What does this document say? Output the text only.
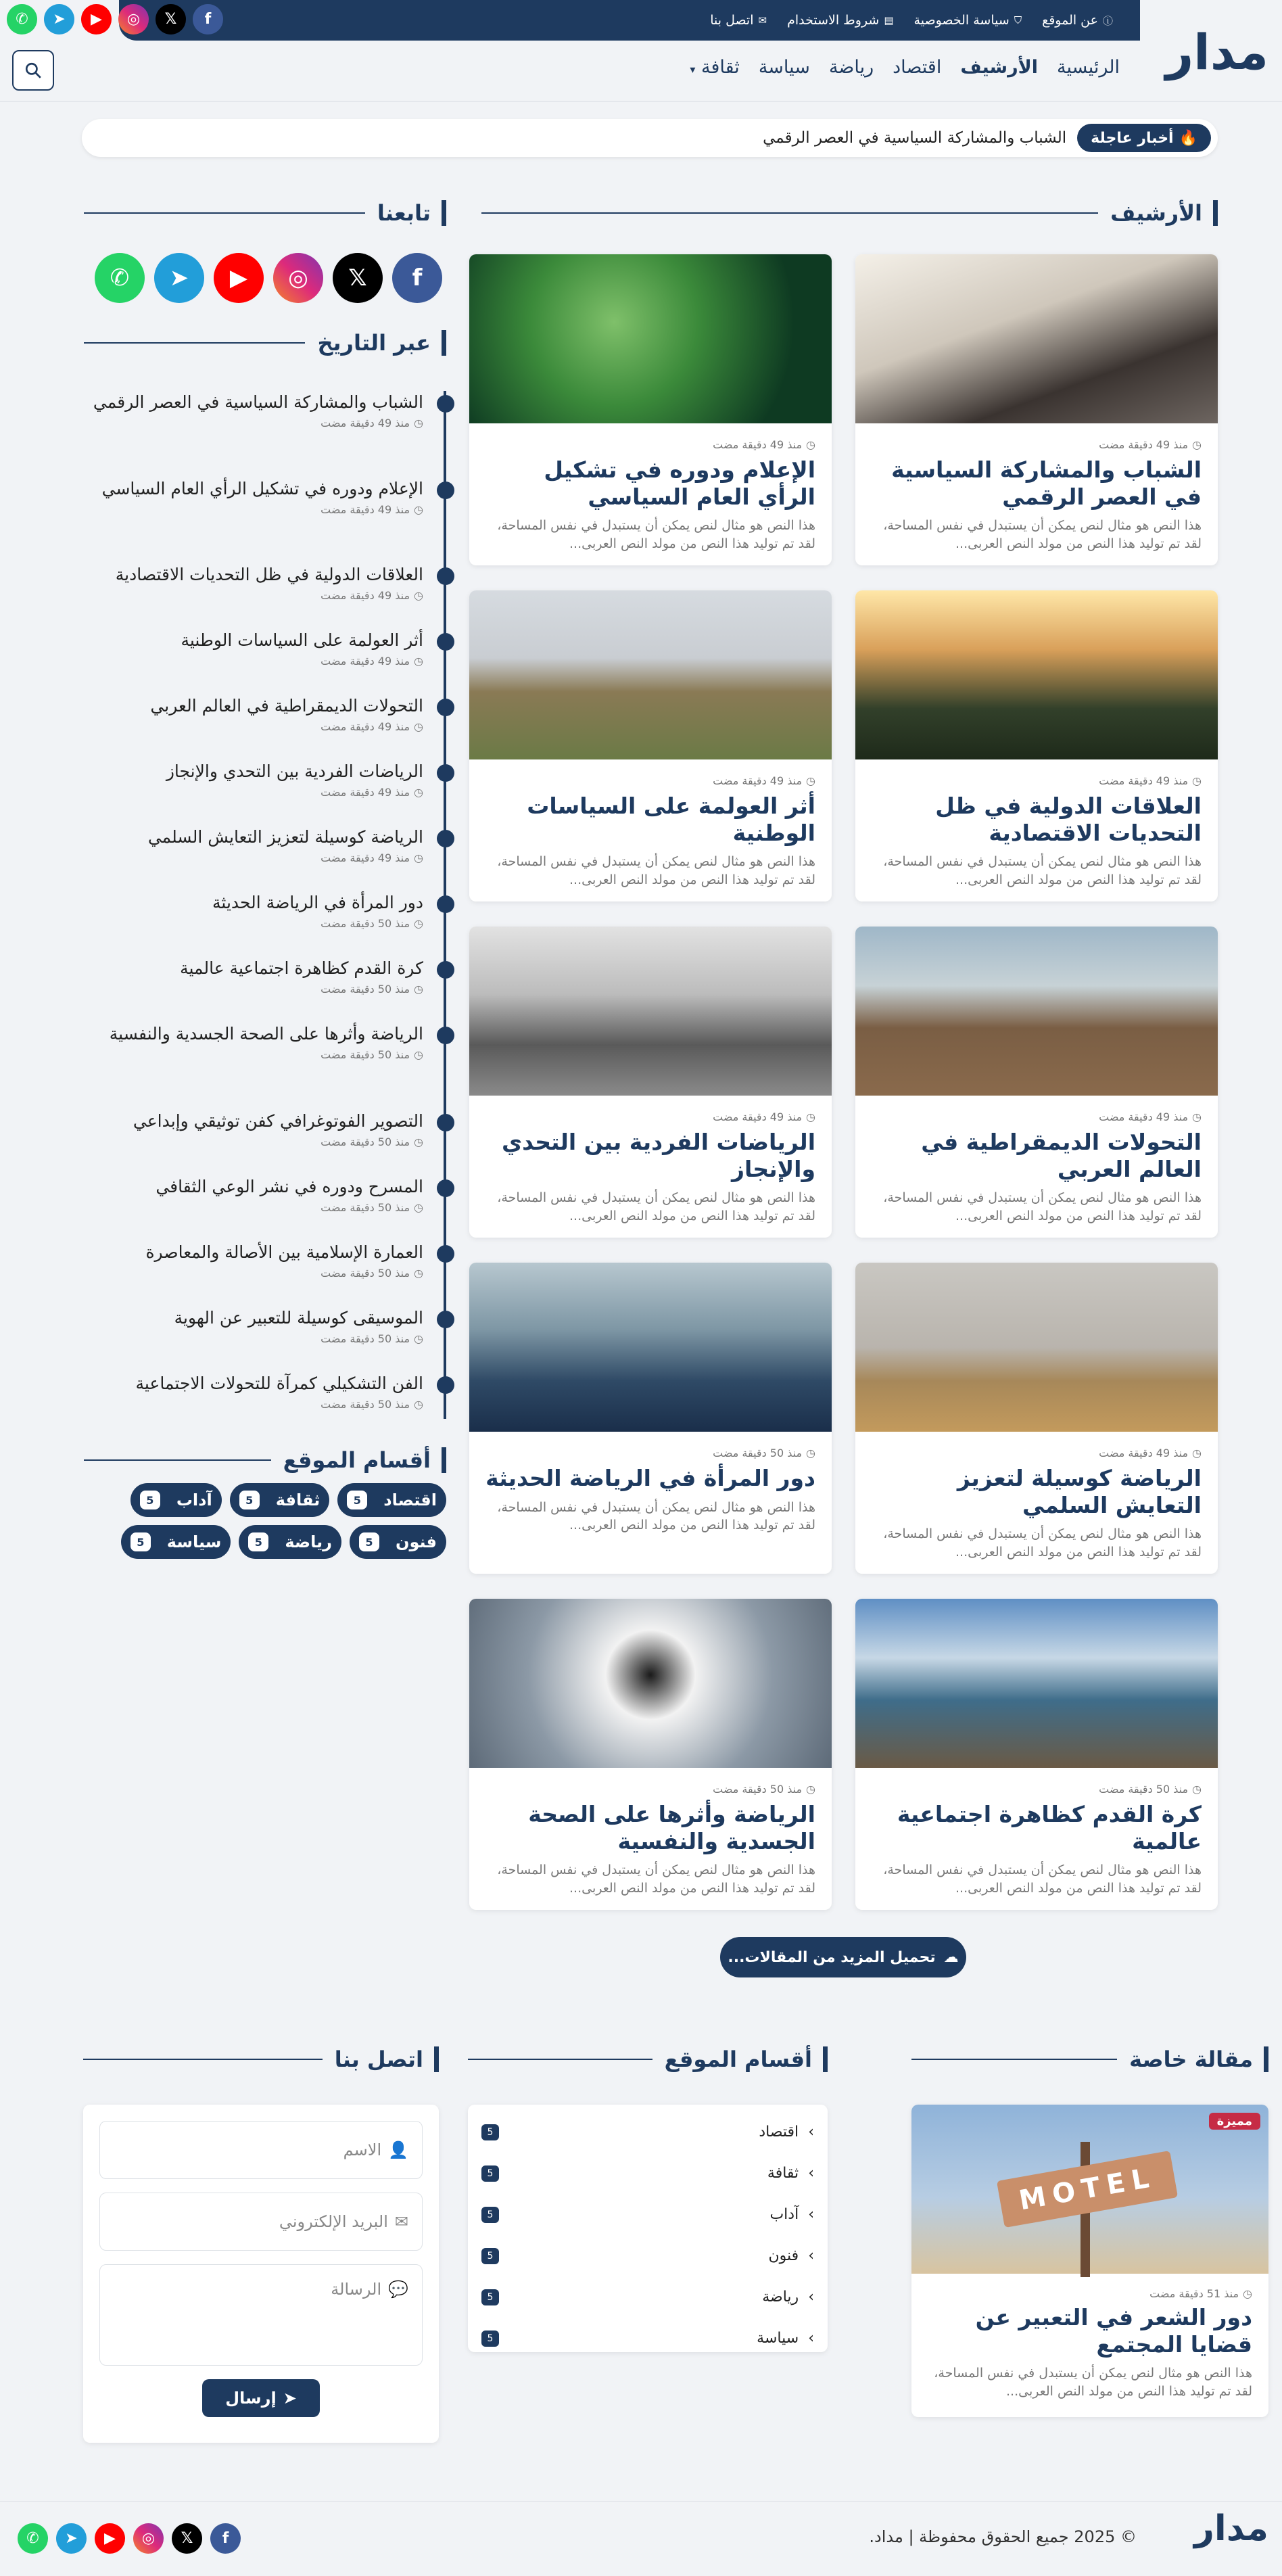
ⓘ
عن الموقع
⛉
سياسة الخصوصية
▤
شروط الاستخدام
✉
اتصل بنا
f
𝕏
◎
▶
➤
✆
مدار
الرئيسية
الأرشيف
اقتصاد
رياضة
سياسة
ثقافة ▾
🔥
أخبار عاجلة
الشباب والمشاركة السياسية في العصر الرقمي
الأرشيف
◷
منذ 49 دقيقة مضت
الشباب والمشاركة السياسية في العصر الرقمي

هذا النص هو مثال لنص يمكن أن يستبدل في نفس المساحة، لقد تم توليد هذا النص من مولد النص العربى...

◷
منذ 49 دقيقة مضت
الإعلام ودوره في تشكيل الرأي العام السياسي

هذا النص هو مثال لنص يمكن أن يستبدل في نفس المساحة، لقد تم توليد هذا النص من مولد النص العربى...

◷
منذ 49 دقيقة مضت
العلاقات الدولية في ظل التحديات الاقتصادية

هذا النص هو مثال لنص يمكن أن يستبدل في نفس المساحة، لقد تم توليد هذا النص من مولد النص العربى...

◷
منذ 49 دقيقة مضت
أثر العولمة على السياسات الوطنية

هذا النص هو مثال لنص يمكن أن يستبدل في نفس المساحة، لقد تم توليد هذا النص من مولد النص العربى...

◷
منذ 49 دقيقة مضت
التحولات الديمقراطية في العالم العربي

هذا النص هو مثال لنص يمكن أن يستبدل في نفس المساحة، لقد تم توليد هذا النص من مولد النص العربى...

◷
منذ 49 دقيقة مضت
الرياضات الفردية بين التحدي والإنجاز

هذا النص هو مثال لنص يمكن أن يستبدل في نفس المساحة، لقد تم توليد هذا النص من مولد النص العربى...

◷
منذ 49 دقيقة مضت
الرياضة كوسيلة لتعزيز التعايش السلمي

هذا النص هو مثال لنص يمكن أن يستبدل في نفس المساحة، لقد تم توليد هذا النص من مولد النص العربى...

◷
منذ 50 دقيقة مضت
دور المرأة في الرياضة الحديثة

هذا النص هو مثال لنص يمكن أن يستبدل في نفس المساحة، لقد تم توليد هذا النص من مولد النص العربى...

◷
منذ 50 دقيقة مضت
كرة القدم كظاهرة اجتماعية عالمية

هذا النص هو مثال لنص يمكن أن يستبدل في نفس المساحة، لقد تم توليد هذا النص من مولد النص العربى...

◷
منذ 50 دقيقة مضت
الرياضة وأثرها على الصحة الجسدية والنفسية

هذا النص هو مثال لنص يمكن أن يستبدل في نفس المساحة، لقد تم توليد هذا النص من مولد النص العربى...

تابعنا
f
𝕏
◎
▶
➤
✆
عبر التاريخ
الشباب والمشاركة السياسية في العصر الرقمي
◷
منذ 49 دقيقة مضت
الإعلام ودوره في تشكيل الرأي العام السياسي
◷
منذ 49 دقيقة مضت
العلاقات الدولية في ظل التحديات الاقتصادية
◷
منذ 49 دقيقة مضت
أثر العولمة على السياسات الوطنية
◷
منذ 49 دقيقة مضت
التحولات الديمقراطية في العالم العربي
◷
منذ 49 دقيقة مضت
الرياضات الفردية بين التحدي والإنجاز
◷
منذ 49 دقيقة مضت
الرياضة كوسيلة لتعزيز التعايش السلمي
◷
منذ 49 دقيقة مضت
دور المرأة في الرياضة الحديثة
◷
منذ 50 دقيقة مضت
كرة القدم كظاهرة اجتماعية عالمية
◷
منذ 50 دقيقة مضت
الرياضة وأثرها على الصحة الجسدية والنفسية
◷
منذ 50 دقيقة مضت
التصوير الفوتوغرافي كفن توثيقي وإبداعي
◷
منذ 50 دقيقة مضت
المسرح ودوره في نشر الوعي الثقافي
◷
منذ 50 دقيقة مضت
العمارة الإسلامية بين الأصالة والمعاصرة
◷
منذ 50 دقيقة مضت
الموسيقى كوسيلة للتعبير عن الهوية
◷
منذ 50 دقيقة مضت
الفن التشكيلي كمرآة للتحولات الاجتماعية
◷
منذ 50 دقيقة مضت
أقسام الموقع
اقتصاد
5
ثقافة
5
آداب
5
فنون
5
رياضة
5
سياسة
5
☁
تحميل المزيد من المقالات...
مقالة خاصة
أقسام الموقع
اتصل بنا
MOTEL
مميزة
◷
منذ 51 دقيقة مضت
دور الشعر في التعبير عن قضايا المجتمع

هذا النص هو مثال لنص يمكن أن يستبدل في نفس المساحة، لقد تم توليد هذا النص من مولد النص العربى...

›
اقتصاد
5
›
ثقافة
5
›
آداب
5
›
فنون
5
›
رياضة
5
›
سياسة
5
👤
الاسم
✉
البريد الإلكتروني
💬
الرسالة
➤
إرسال
مدار
© 2025 جميع الحقوق محفوظة | مداد.
f
𝕏
◎
▶
➤
✆
